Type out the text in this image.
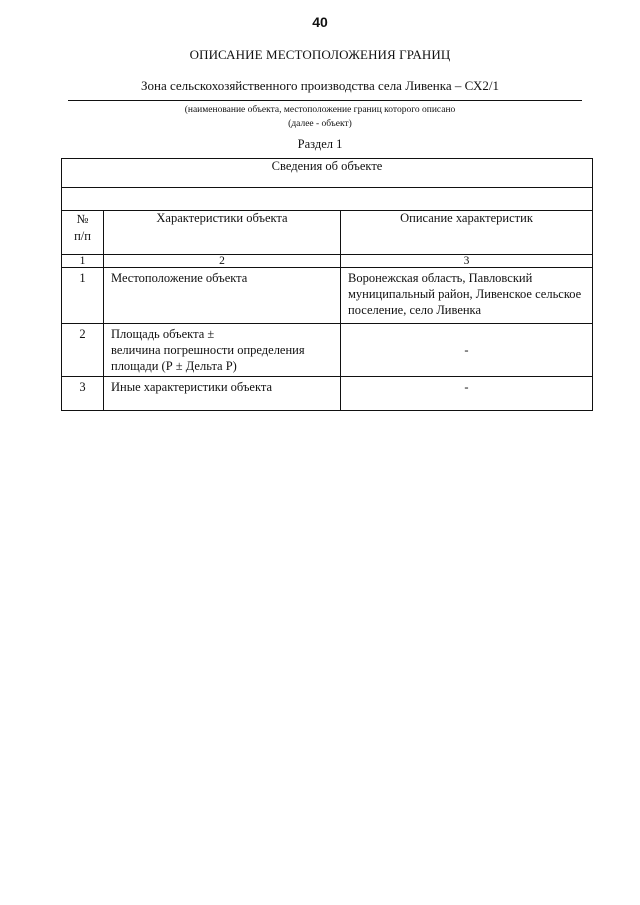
40
ОПИСАНИЕ МЕСТОПОЛОЖЕНИЯ ГРАНИЦ
Зона сельскохозяйственного производства села Ливенка – СХ2/1
(наименование объекта, местоположение границ которого описано
(далее - объект)
Раздел 1
Сведения об объекте		

№
п/п	Характеристики объекта	Описание характеристик
1	2	3

1	Местоположение объекта	Воронежская область, Павловский муниципальный район, Ливенское сельское поселение, село Ливенка

2	Площадь объекта ±
величина погрешности определения площади (Р ± Дельта Р)	-

3	Иные характеристики объекта	-
